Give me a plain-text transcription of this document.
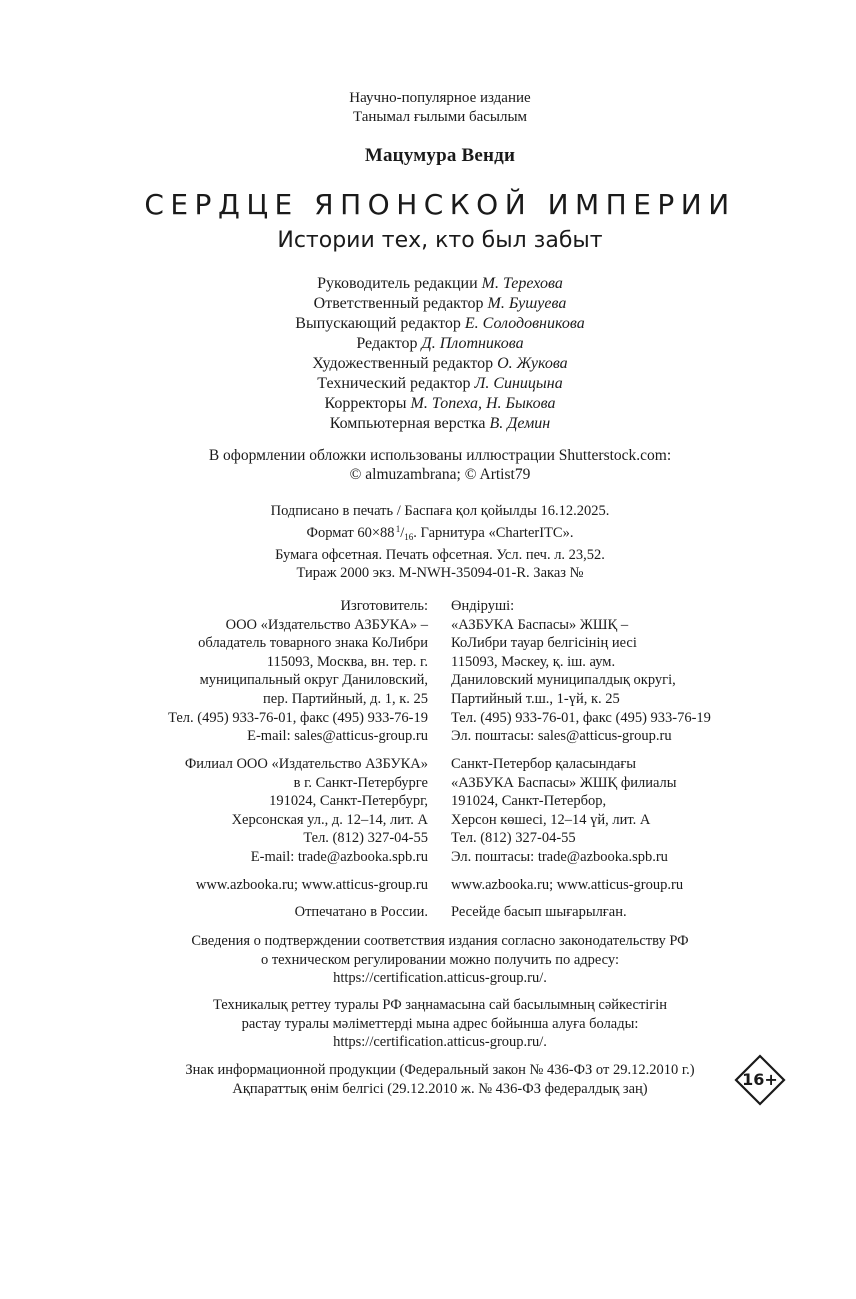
Научно-популярное издание
Танымал ғылыми басылым
Мацумура Венди
СЕРДЦЕ ЯПОНСКОЙ ИМПЕРИИ
Истории тех, кто был забыт
Руководитель редакции М. Терехова
Ответственный редактор М. Бушуева
Выпускающий редактор Е. Солодовникова
Редактор Д. Плотникова
Художественный редактор О. Жукова
Технический редактор Л. Синицына
Корректоры М. Топеха, Н. Быкова
Компьютерная верстка В. Демин
В оформлении обложки использованы иллюстрации Shutterstock.com:
© almuzambrana; © Artist79
Подписано в печать / Баспаға қол қойылды 16.12.2025.
Формат 60×88 $^1/_{16}$. Гарнитура «CharterITC».
Бумага офсетная. Печать офсетная. Усл. печ. л. 23,52.
Тираж 2000 экз. M-NWH-35094-01-R. Заказ №
Изготовитель:
ООО «Издательство АЗБУКА» –
обладатель товарного знака КоЛибри
115093, Москва, вн. тер. г.
муниципальный округ Даниловский,
пер. Партийный, д. 1, к. 25
Тел. (495) 933-76-01, факс (495) 933-76-19
E-mail: sales@atticus-group.ru
Өндіруші:
«АЗБУКА Баспасы» ЖШҚ –
КоЛибри тауар белгісінің иесі
115093, Мәскеу, қ. іш. аум.
Даниловский муниципалдық округі,
Партийный т.ш., 1-үй, к. 25
Тел. (495) 933-76-01, факс (495) 933-76-19
Эл. поштасы: sales@atticus-group.ru
Филиал ООО «Издательство АЗБУКА»
в г. Санкт-Петербурге
191024, Санкт-Петербург,
Херсонская ул., д. 12–14, лит. А
Тел. (812) 327-04-55
E-mail: trade@azbooka.spb.ru
Санкт-Петербор қаласындағы
«АЗБУКА Баспасы» ЖШҚ филиалы
191024, Санкт-Петербор,
Херсон көшесі, 12–14 үй, лит. А
Тел. (812) 327-04-55
Эл. поштасы: trade@azbooka.spb.ru
www.azbooka.ru; www.atticus-group.ru www.azbooka.ru; www.atticus-group.ru
Отпечатано в России. Ресейде басып шығарылған.
Сведения о подтверждении соответствия издания согласно законодательству РФ
о техническом регулировании можно получить по адресу:
https://certification.atticus-group.ru/.
Техникалық реттеу туралы РФ заңнамасына сай басылымның сәйкестігін
растау туралы мәліметтерді мына адрес бойынша алуға болады:
https://certification.atticus-group.ru/.
Знак информационной продукции (Федеральный закон № 436-ФЗ от 29.12.2010 г.)
Ақпараттық өнім белгісі (29.12.2010 ж. № 436-ФЗ федералдық заң)	16+
